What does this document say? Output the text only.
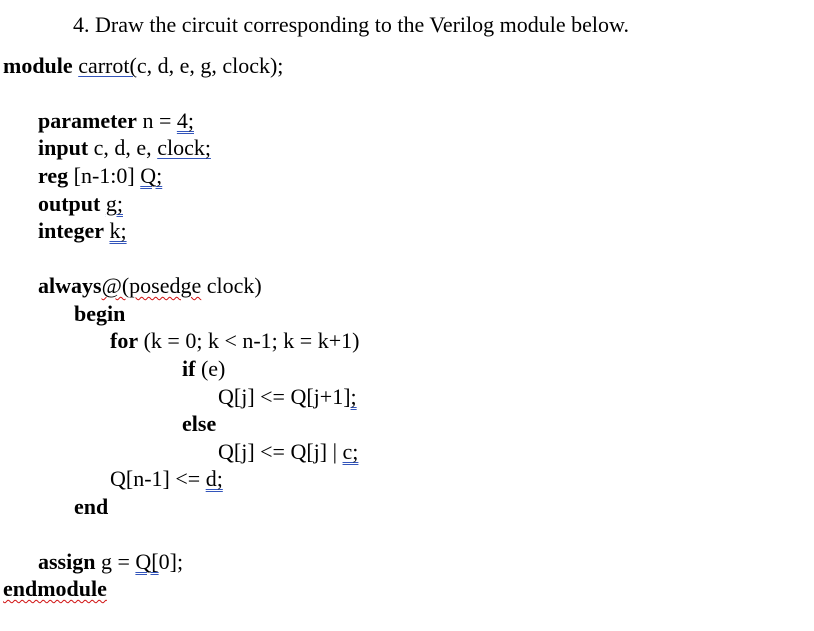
4. Draw the circuit corresponding to the Verilog module below.
module carrot(c, d, e, g, clock);
parameter n = 4;
input c, d, e, clock;
reg [n-1:0] Q;
output g;
integer k;
always@(posedge clock)
begin
for (k = 0; k < n-1; k = k+1)
if (e)
Q[j] <= Q[j+1];
else
Q[j] <= Q[j] | c;
Q[n-1] <= d;
end
assign g = Q[0];
endmodule
